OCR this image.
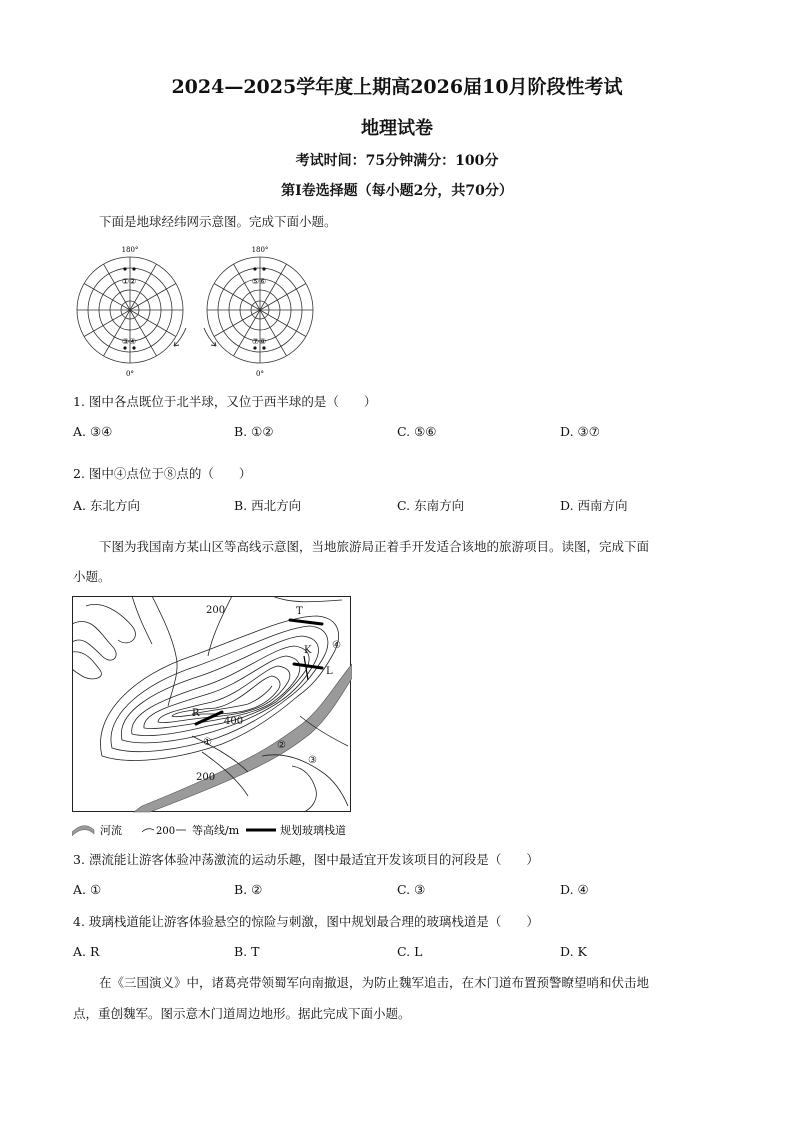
2024—2025学年度上期高2026届10月阶段性考试
地理试卷
考试时间：75分钟满分：100分
第Ⅰ卷选择题（每小题2分，共70分）
下面是地球经纬网示意图。完成下面小题。
180°
①②
③④
0°
180°
⑤⑥
⑦⑧
0°
1. 图中各点既位于北半球，又位于西半球的是（　　）
A. ③④	B. ①②	C. ⑤⑥	D. ③⑦
2. 图中④点位于⑧点的（　　）
A. 东北方向	B. 西北方向	C. 东南方向	D. 西南方向
下图为我国南方某山区等高线示意图，当地旅游局正着手开发适合该地的旅游项目。读图，完成下面
小题。
200
400
200
T
K
L
R
①	②
③
④
河流	200 等高线/m	规划玻璃栈道
3. 漂流能让游客体验冲荡激流的运动乐趣，图中最适宜开发该项目的河段是（　　）
A. ①	B. ②	C. ③	D. ④
4. 玻璃栈道能让游客体验悬空的惊险与刺激，图中规划最合理的玻璃栈道是（　　）
A. R	B. T	C. L	D. K
在《三国演义》中，诸葛亮带领蜀军向南撤退，为防止魏军追击，在木门道布置预警瞭望哨和伏击地
点，重创魏军。图示意木门道周边地形。据此完成下面小题。
